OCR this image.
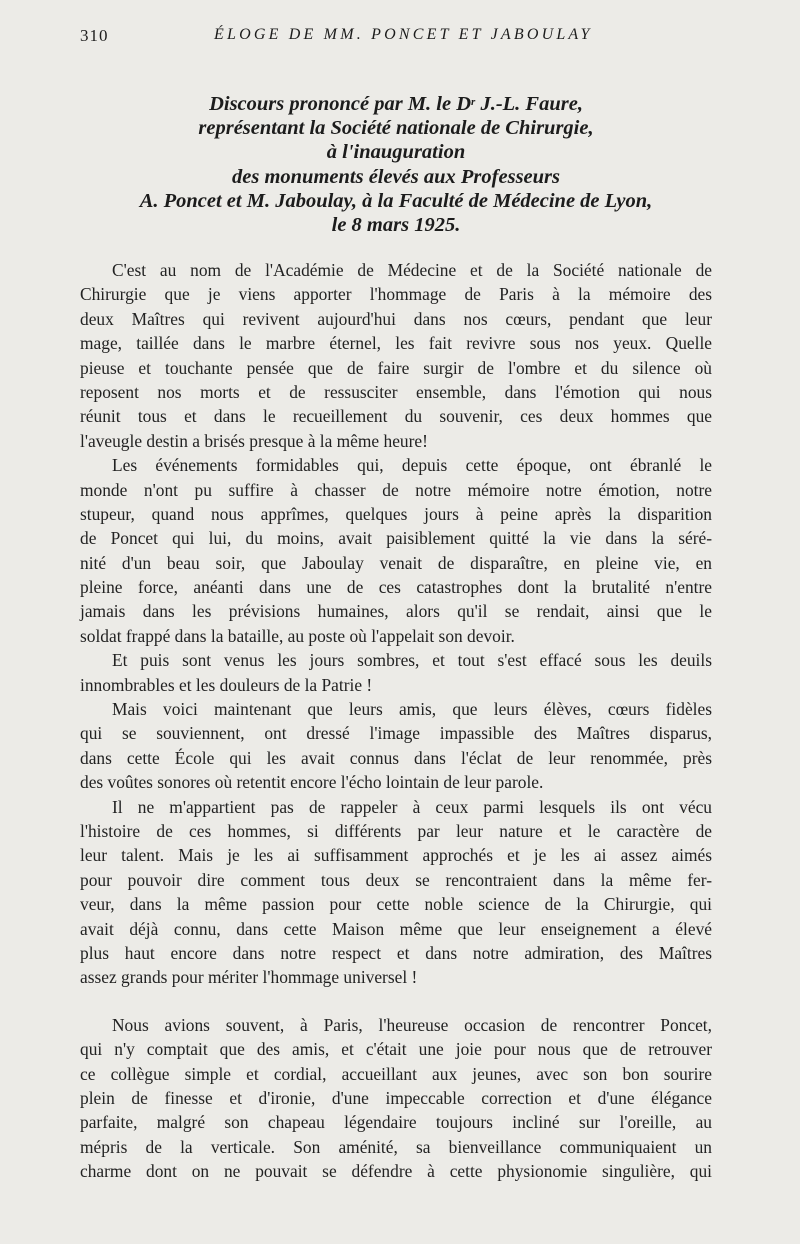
310	ÉLOGE DE MM. PONCET ET JABOULAY
Discours prononcé par M. le $D^r$ J.-L. Faure,
représentant la Société nationale de Chirurgie,
à l'inauguration
des monuments élevés aux Professeurs
A. Poncet et M. Jaboulay, à la Faculté de Médecine de Lyon,
le 8 mars 1925.
C'est au nom de l'Académie de Médecine et de la Société nationale de
Chirurgie que je viens apporter l'hommage de Paris à la mémoire des
deux Maîtres qui revivent aujourd'hui dans nos cœurs, pendant que leur
mage, taillée dans le marbre éternel, les fait revivre sous nos yeux. Quelle
pieuse et touchante pensée que de faire surgir de l'ombre et du silence où
reposent nos morts et de ressusciter ensemble, dans l'émotion qui nous
réunit tous et dans le recueillement du souvenir, ces deux hommes que
l'aveugle destin a brisés presque à la même heure!
Les événements formidables qui, depuis cette époque, ont ébranlé le
monde n'ont pu suffire à chasser de notre mémoire notre émotion, notre
stupeur, quand nous apprîmes, quelques jours à peine après la disparition
de Poncet qui lui, du moins, avait paisiblement quitté la vie dans la séré-
nité d'un beau soir, que Jaboulay venait de disparaître, en pleine vie, en
pleine force, anéanti dans une de ces catastrophes dont la brutalité n'entre
jamais dans les prévisions humaines, alors qu'il se rendait, ainsi que le
soldat frappé dans la bataille, au poste où l'appelait son devoir.
Et puis sont venus les jours sombres, et tout s'est effacé sous les deuils
innombrables et les douleurs de la Patrie !
Mais voici maintenant que leurs amis, que leurs élèves, cœurs fidèles
qui se souviennent, ont dressé l'image impassible des Maîtres disparus,
dans cette École qui les avait connus dans l'éclat de leur renommée, près
des voûtes sonores où retentit encore l'écho lointain de leur parole.
Il ne m'appartient pas de rappeler à ceux parmi lesquels ils ont vécu
l'histoire de ces hommes, si différents par leur nature et le caractère de
leur talent. Mais je les ai suffisamment approchés et je les ai assez aimés
pour pouvoir dire comment tous deux se rencontraient dans la même fer-
veur, dans la même passion pour cette noble science de la Chirurgie, qui
avait déjà connu, dans cette Maison même que leur enseignement a élevé
plus haut encore dans notre respect et dans notre admiration, des Maîtres
assez grands pour mériter l'hommage universel !
Nous avions souvent, à Paris, l'heureuse occasion de rencontrer Poncet,
qui n'y comptait que des amis, et c'était une joie pour nous que de retrouver
ce collègue simple et cordial, accueillant aux jeunes, avec son bon sourire
plein de finesse et d'ironie, d'une impeccable correction et d'une élégance
parfaite, malgré son chapeau légendaire toujours incliné sur l'oreille, au
mépris de la verticale. Son aménité, sa bienveillance communiquaient un
charme dont on ne pouvait se défendre à cette physionomie singulière, qui
